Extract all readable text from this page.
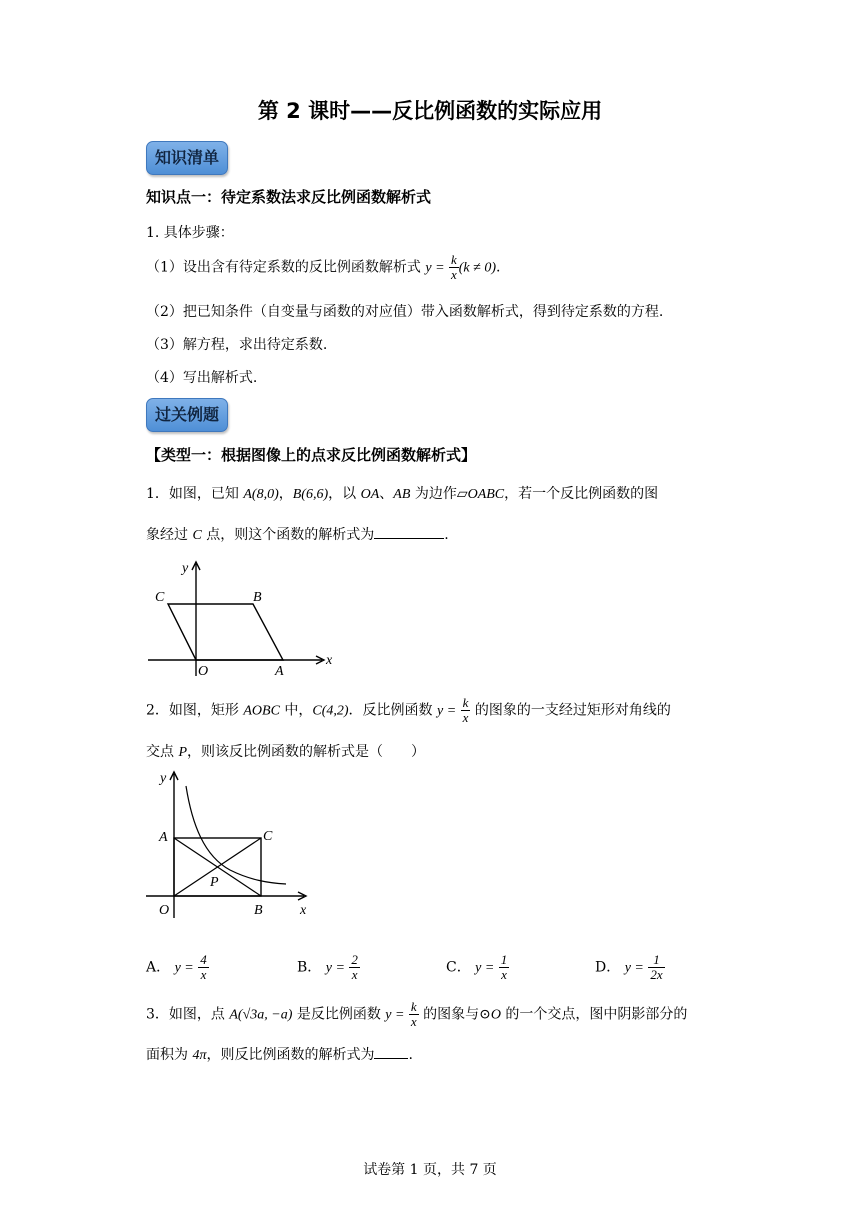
第 2 课时——反比例函数的实际应用
知识清单
知识点一：待定系数法求反比例函数解析式
1. 具体步骤：
（1）设出含有待定系数的反比例函数解析式 $y = \frac{k}{x} (k \ne 0)$.
（2）把已知条件（自变量与函数的对应值）带入函数解析式，得到待定系数的方程.
（3）解方程，求出待定系数.
（4）写出解析式.
过关例题
【类型一：根据图像上的点求反比例函数解析式】
1．如图，已知 A(8,0)，B(6,6)，以 OA、AB 为边作▱OABC，若一个反比例函数的图
象经过 C 点，则这个函数的解析式为	.
C	B
O	A
x
y
2．如图，矩形 AOBC 中，C(4,2)．反比例函数 $y = \frac{k}{x}$ 的图象的一支经过矩形对角线的
交点 P，则该反比例函数的解析式是（　　）
A	C
P
O	B	x
y
A． $y = \frac{4}{x}$	B． $y = \frac{2}{x}$	C． $y = \frac{1}{x}$	D． $y = \frac{1}{2x}$
3．如图，点 A(√3a, −a) 是反比例函数 $y = \frac{k}{x}$ 的图象与⊙O 的一个交点，图中阴影部分的
面积为 4π，则反比例函数的解析式为 .
试卷第 1 页，共 7 页
